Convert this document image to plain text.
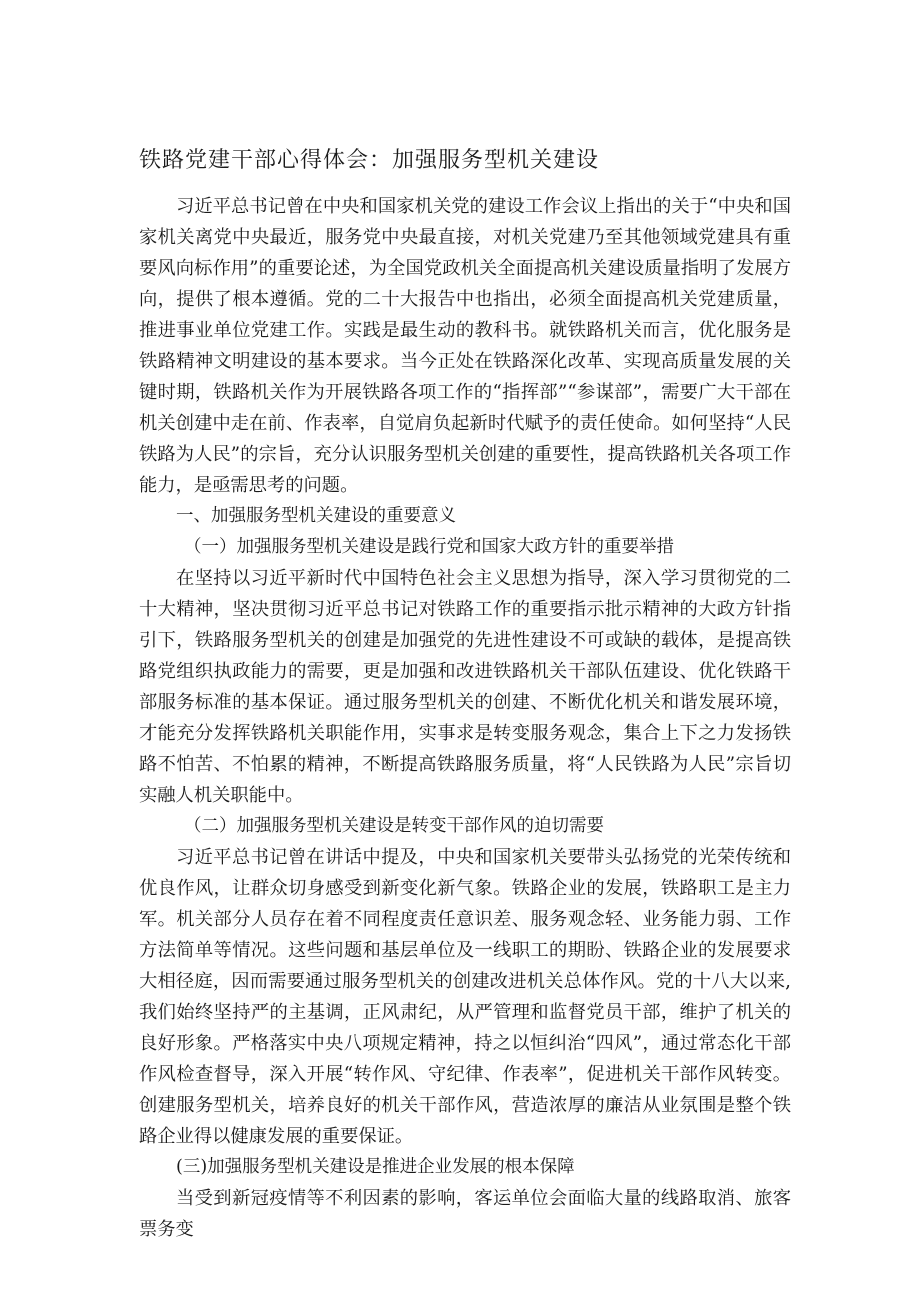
铁路党建干部心得体会：加强服务型机关建设

习近平总书记曾在中央和国家机关党的建设工作会议上指出的关于“中央和国家机关离党中央最近，服务党中央最直接，对机关党建乃至其他领域党建具有重要风向标作用”的重要论述，为全国党政机关全面提高机关建设质量指明了发展方向，提供了根本遵循。党的二十大报告中也指出，必须全面提高机关党建质量，推进事业单位党建工作。实践是最生动的教科书。就铁路机关而言，优化服务是铁路精神文明建设的基本要求。当今正处在铁路深化改革、实现高质量发展的关键时期，铁路机关作为开展铁路各项工作的“指挥部”“参谋部”，需要广大干部在机关创建中走在前、作表率，自觉肩负起新时代赋予的责任使命。如何坚持“人民铁路为人民”的宗旨，充分认识服务型机关创建的重要性，提高铁路机关各项工作能力，是亟需思考的问题。

一、加强服务型机关建设的重要意义

（一）加强服务型机关建设是践行党和国家大政方针的重要举措

在坚持以习近平新时代中国特色社会主义思想为指导，深入学习贯彻党的二十大精神，坚决贯彻习近平总书记对铁路工作的重要指示批示精神的大政方针指引下，铁路服务型机关的创建是加强党的先进性建设不可或缺的载体，是提高铁路党组织执政能力的需要，更是加强和改进铁路机关干部队伍建设、优化铁路干部服务标准的基本保证。通过服务型机关的创建、不断优化机关和谐发展环境，才能充分发挥铁路机关职能作用，实事求是转变服务观念，集合上下之力发扬铁路不怕苦、不怕累的精神，不断提高铁路服务质量，将“人民铁路为人民”宗旨切实融人机关职能中。

（二）加强服务型机关建设是转变干部作风的迫切需要

习近平总书记曾在讲话中提及，中央和国家机关要带头弘扬党的光荣传统和优良作风，让群众切身感受到新变化新气象。铁路企业的发展，铁路职工是主力军。机关部分人员存在着不同程度责任意识差、服务观念轻、业务能力弱、工作方法简单等情况。这些问题和基层单位及一线职工的期盼、铁路企业的发展要求大相径庭，因而需要通过服务型机关的创建改进机关总体作风。党的十八大以来,我们始终坚持严的主基调，正风肃纪，从严管理和监督党员干部，维护了机关的良好形象。严格落实中央八项规定精神，持之以恒纠治“四风”，通过常态化干部作风检查督导，深入开展“转作风、守纪律、作表率”，促进机关干部作风转变。创建服务型机关，培养良好的机关干部作风，营造浓厚的廉洁从业氛围是整个铁路企业得以健康发展的重要保证。

(三)加强服务型机关建设是推进企业发展的根本保障

当受到新冠疫情等不利因素的影响，客运单位会面临大量的线路取消、旅客票务变
